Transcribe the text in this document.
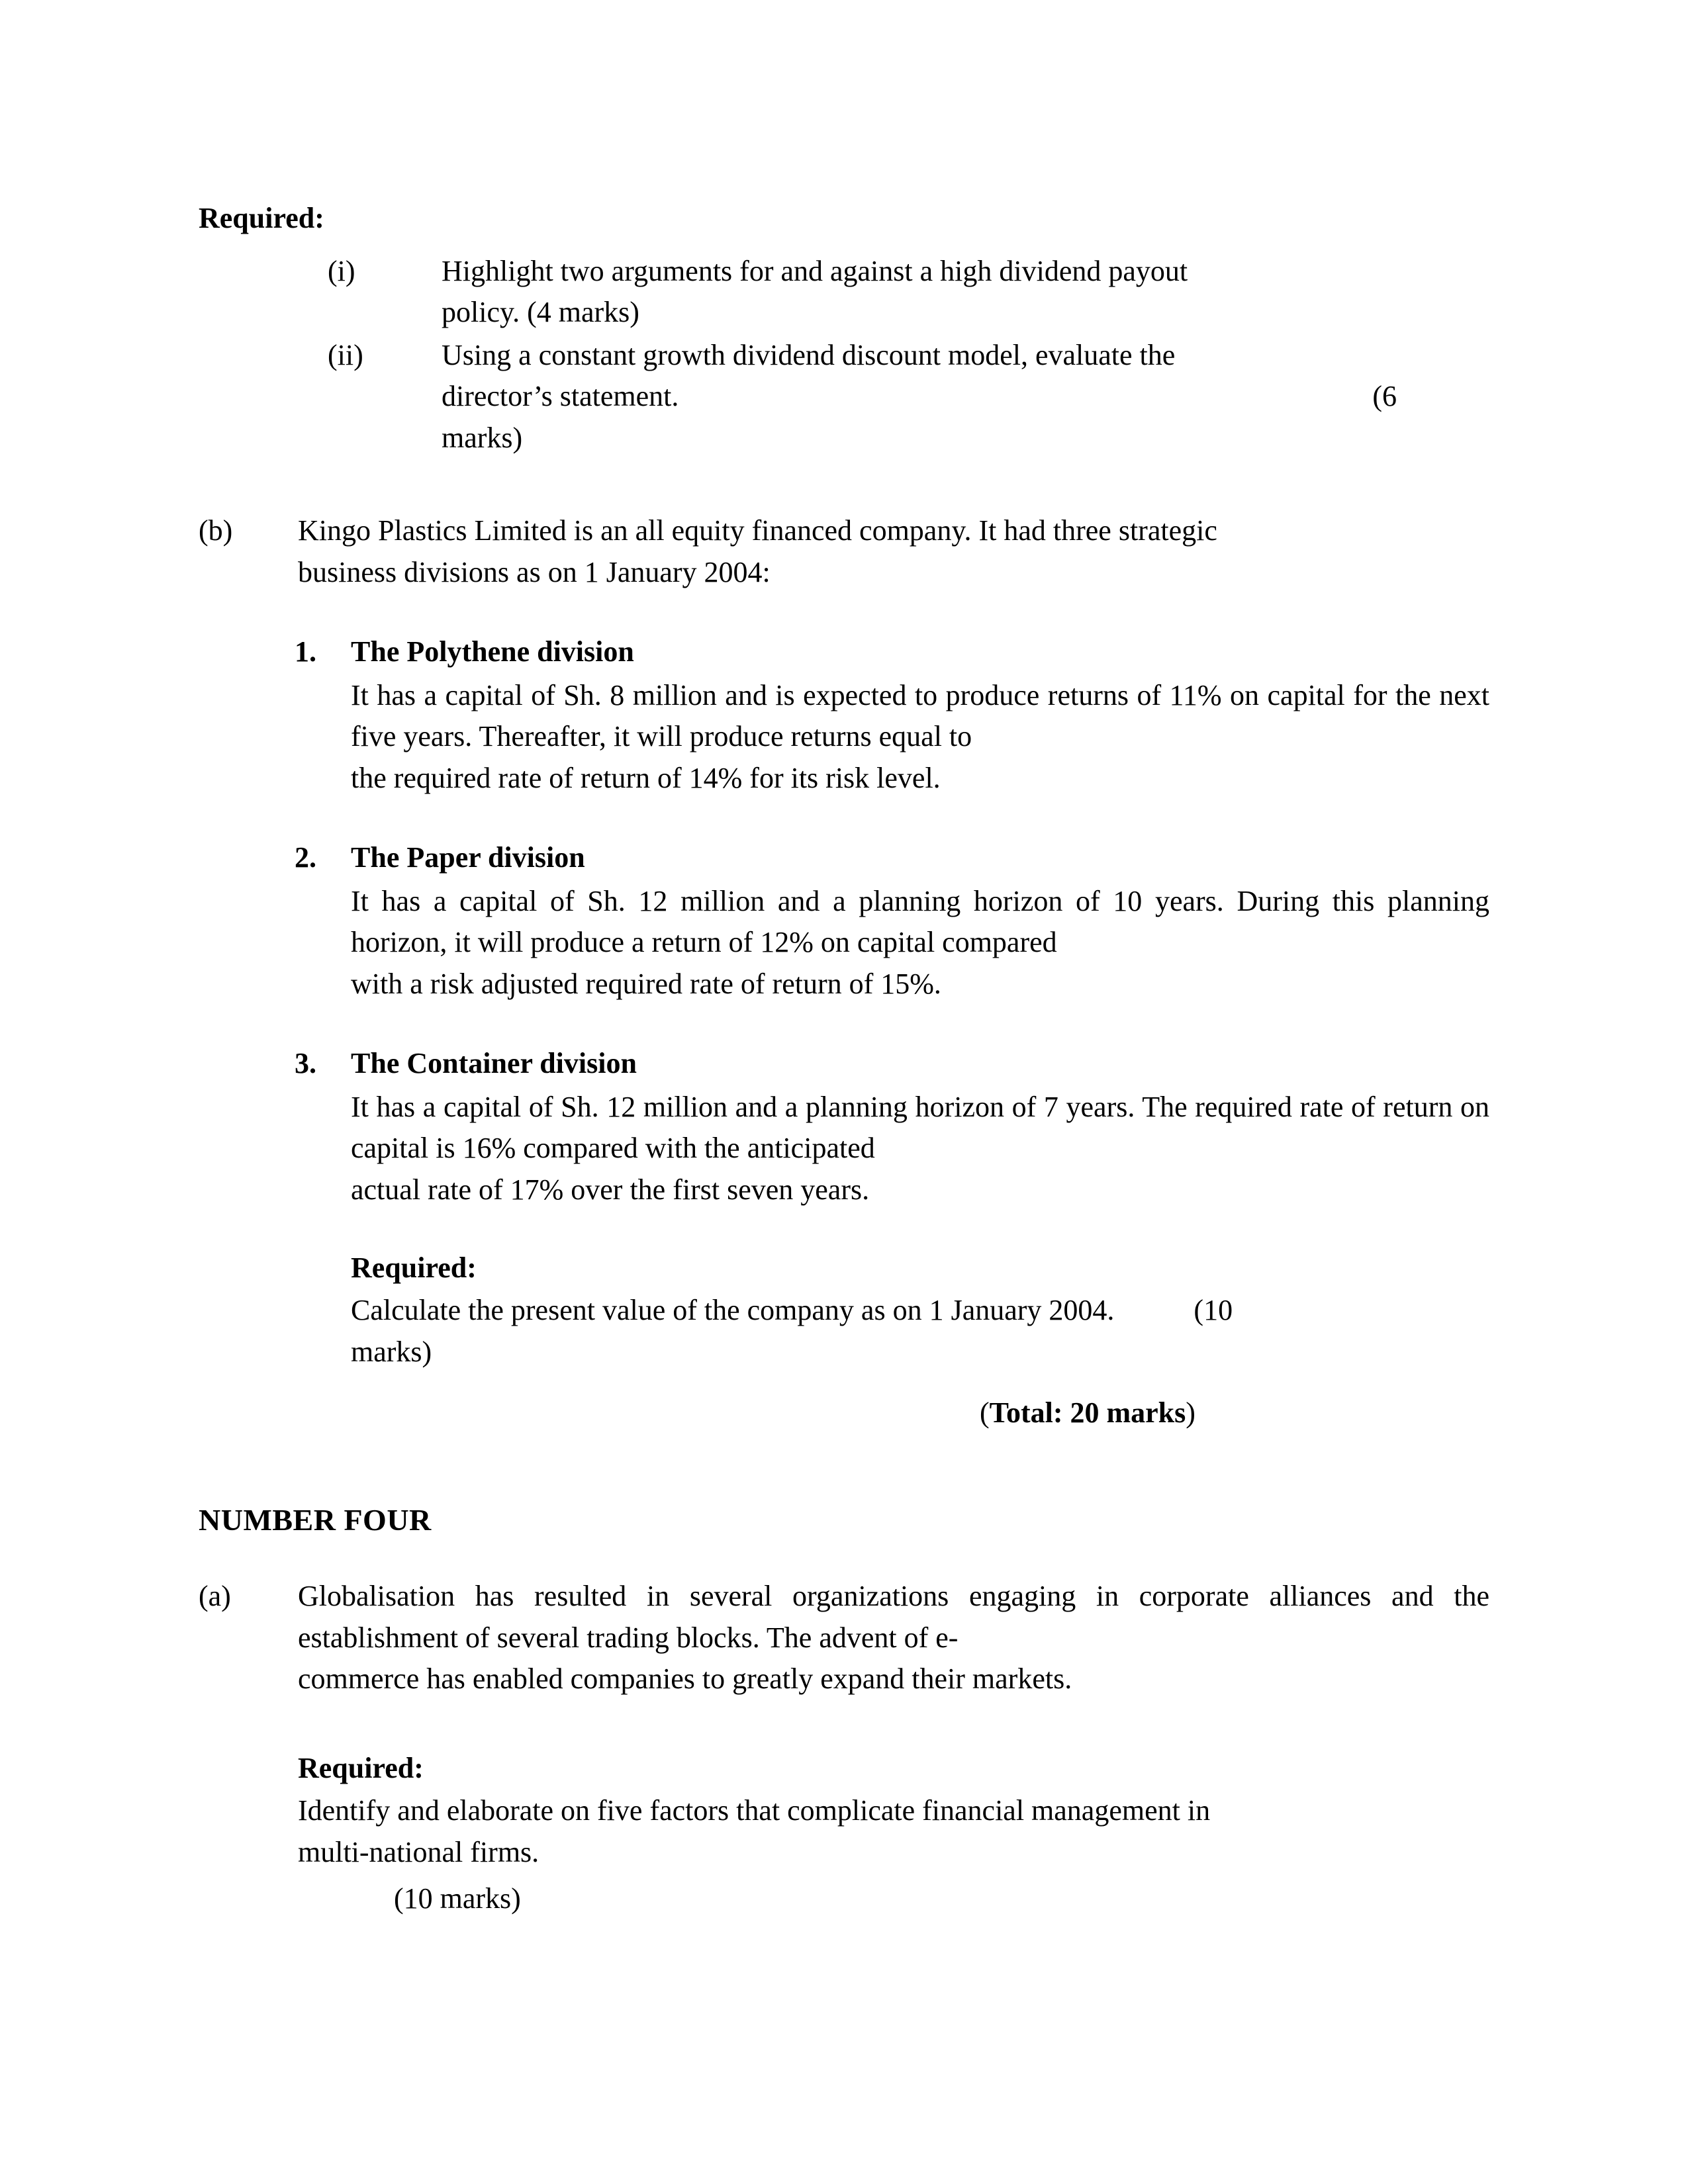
Required:
(i)	Highlight two arguments for and against a high dividend payout
policy. (4 marks)
(ii)	Using a constant growth dividend discount model, evaluate the
director’s statement.	(6
marks)
(b)	Kingo Plastics Limited is an all equity financed company. It had three strategic

business divisions as on 1 January 2004:

1.	The Polythene division

It has a capital of Sh. 8 million and is expected to produce returns of 11% on capital for the next five years. Thereafter, it will produce returns equal to
the required rate of return of 14% for its risk level.

2.	The Paper division

It has a capital of Sh. 12 million and a planning horizon of 10 years. During this planning horizon, it will produce a return of 12% on capital compared
with a risk adjusted required rate of return of 15%.

3.	The Container division

It has a capital of Sh. 12 million and a planning horizon of 7 years. The required rate of return on capital is 16% compared with the anticipated
actual rate of 17% over the first seven years.

Required:

Calculate the present value of the company as on 1 January 2004.	(10

marks)

(Total: 20 marks)
NUMBER FOUR
(a)	Globalisation has resulted in several organizations engaging in corporate alliances and the establishment of several trading blocks. The advent of e-

commerce has enabled companies to greatly expand their markets.

Required:

Identify and elaborate on five factors that complicate financial management in
multi-national firms.

(10 marks)
